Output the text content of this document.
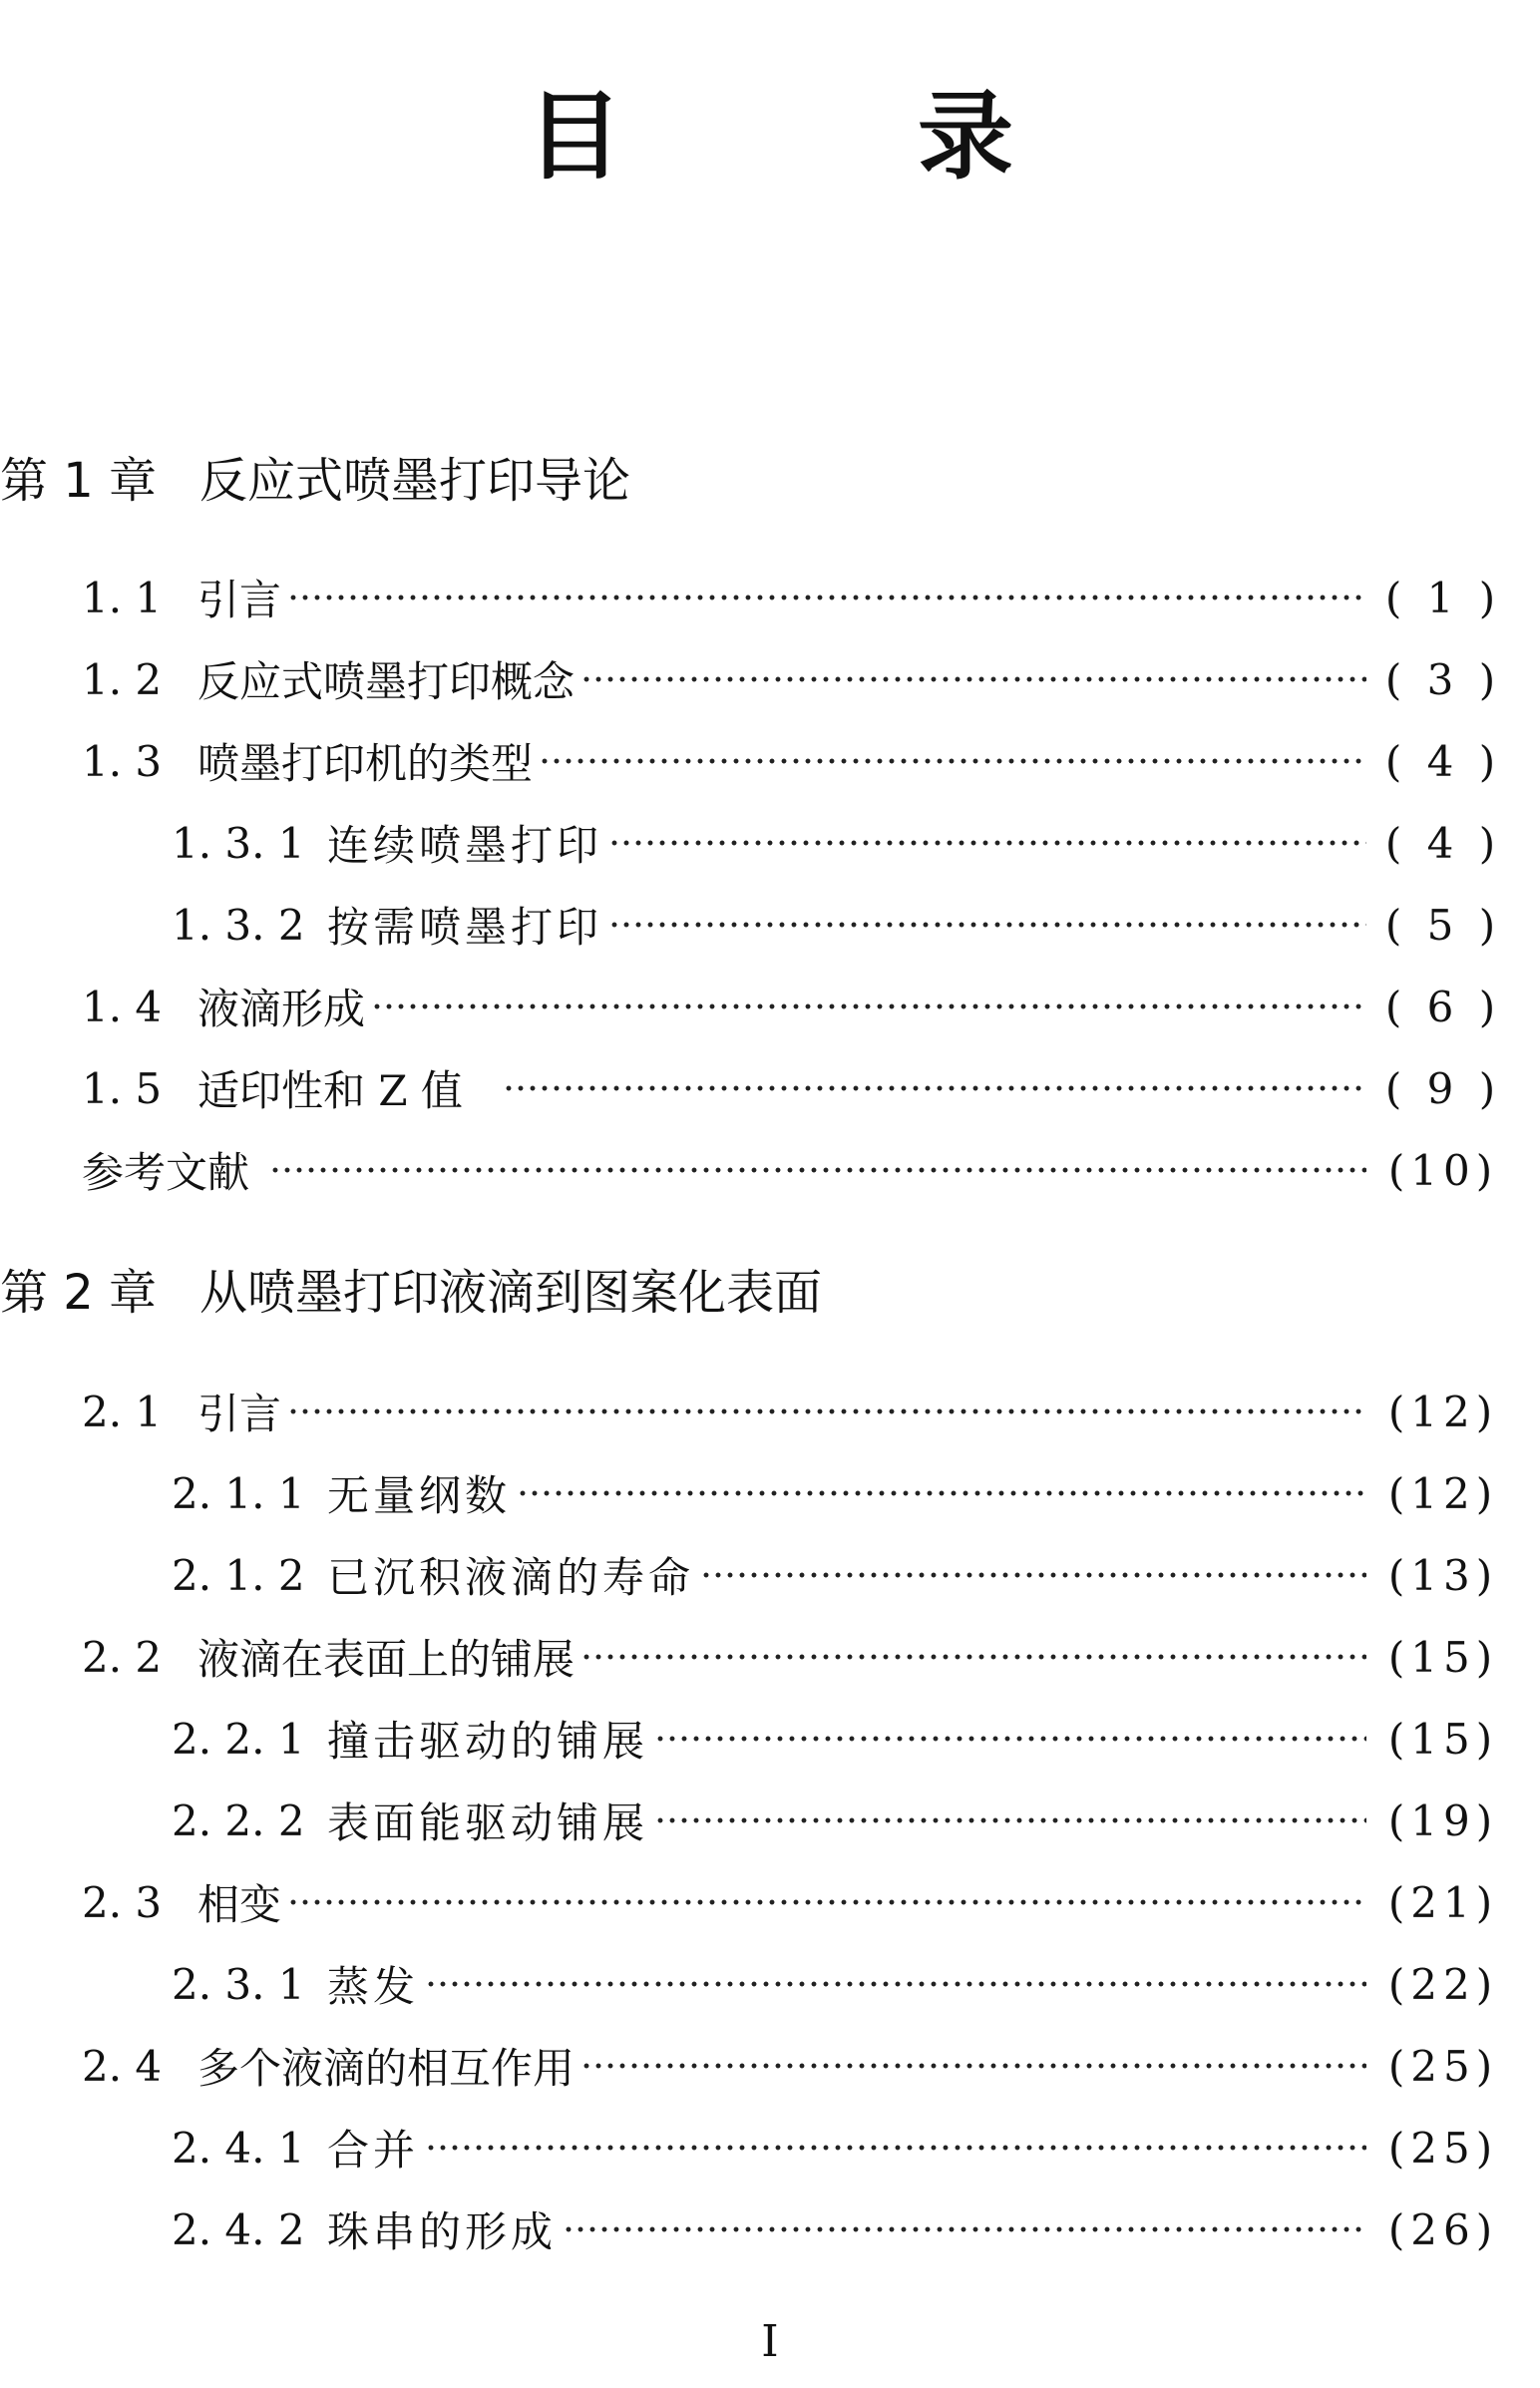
目　录
第 1 章 反应式喷墨打印导论
1. 1 引言	( 1 )
1. 2 反应式喷墨打印概念	( 3 )
1. 3 喷墨打印机的类型	( 4 )
1. 3. 1 连续喷墨打印	( 4 )
1. 3. 2 按需喷墨打印	( 5 )
1. 4 液滴形成	( 6 )
1. 5 适印性和 Z 值	( 9 )
参考文献	(10)
第 2 章 从喷墨打印液滴到图案化表面
2. 1 引言	(12)
2. 1. 1 无量纲数	(12)
2. 1. 2 已沉积液滴的寿命	(13)
2. 2 液滴在表面上的铺展	(15)
2. 2. 1 撞击驱动的铺展	(15)
2. 2. 2 表面能驱动铺展	(19)
2. 3 相变	(21)
2. 3. 1 蒸发	(22)
2. 4 多个液滴的相互作用	(25)
2. 4. 1 合并	(25)
2. 4. 2 珠串的形成	(26)
I
